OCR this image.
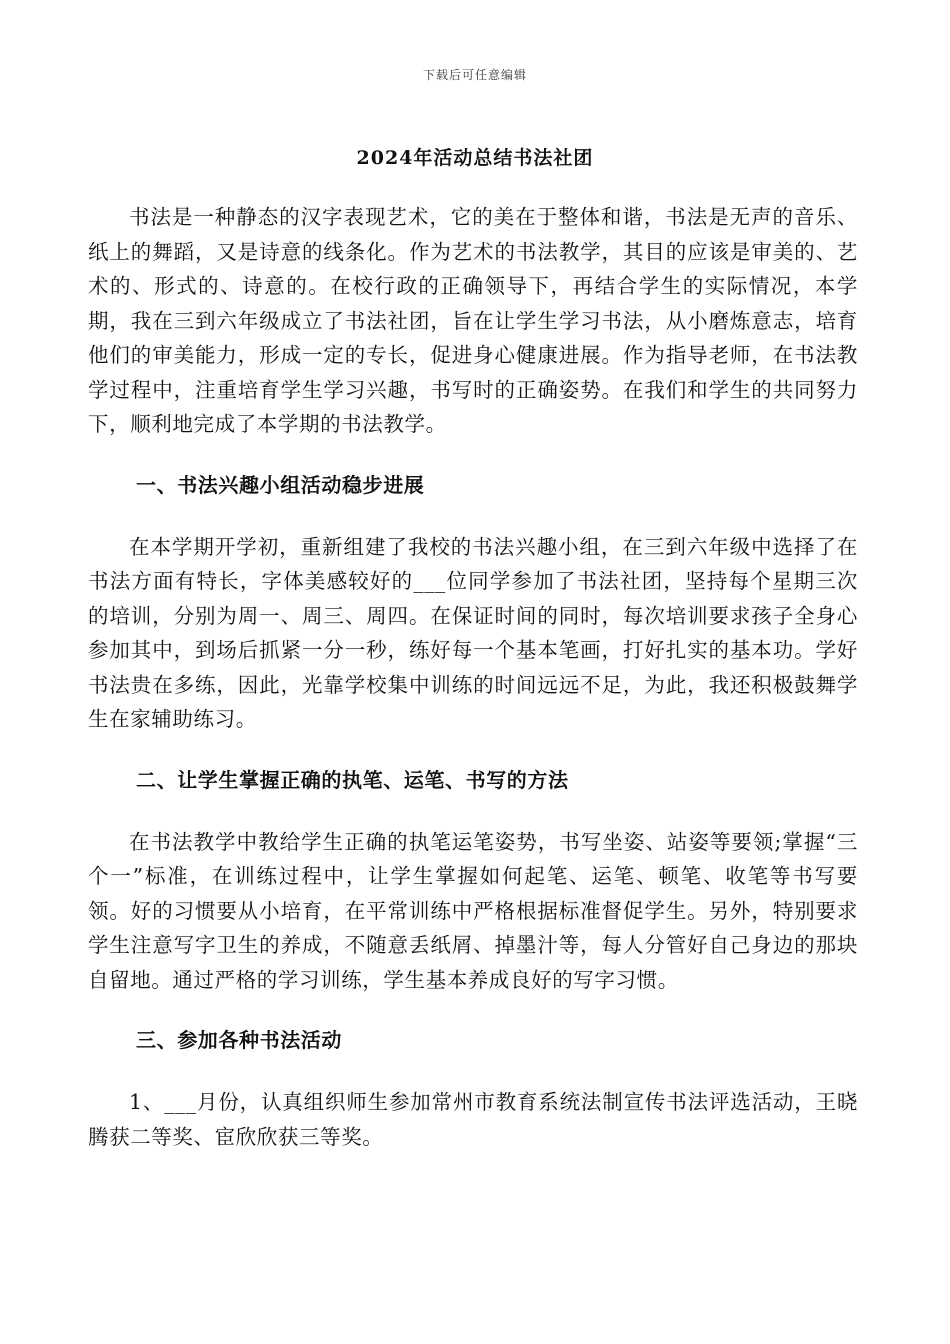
下载后可任意编辑
2024年活动总结书法社团

书法是一种静态的汉字表现艺术，它的美在于整体和谐，书法是无声的音乐、纸上的舞蹈，又是诗意的线条化。作为艺术的书法教学，其目的应该是审美的、艺术的、形式的、诗意的。在校行政的正确领导下，再结合学生的实际情况，本学期，我在三到六年级成立了书法社团，旨在让学生学习书法，从小磨炼意志，培育他们的审美能力，形成一定的专长，促进身心健康进展。作为指导老师，在书法教学过程中，注重培育学生学习兴趣，书写时的正确姿势。在我们和学生的共同努力下，顺利地完成了本学期的书法教学。

一、书法兴趣小组活动稳步进展

在本学期开学初，重新组建了我校的书法兴趣小组，在三到六年级中选择了在书法方面有特长，字体美感较好的___位同学参加了书法社团，坚持每个星期三次的培训，分别为周一、周三、周四。在保证时间的同时，每次培训要求孩子全身心参加其中，到场后抓紧一分一秒，练好每一个基本笔画，打好扎实的基本功。学好书法贵在多练，因此，光靠学校集中训练的时间远远不足，为此，我还积极鼓舞学生在家辅助练习。

二、让学生掌握正确的执笔、运笔、书写的方法

在书法教学中教给学生正确的执笔运笔姿势，书写坐姿、站姿等要领;掌握“三个一”标准，在训练过程中，让学生掌握如何起笔、运笔、顿笔、收笔等书写要领。好的习惯要从小培育，在平常训练中严格根据标准督促学生。另外，特别要求学生注意写字卫生的养成，不随意丢纸屑、掉墨汁等，每人分管好自己身边的那块自留地。通过严格的学习训练，学生基本养成良好的写字习惯。

三、参加各种书法活动

1、___月份，认真组织师生参加常州市教育系统法制宣传书法评选活动，王晓腾获二等奖、宦欣欣获三等奖。
